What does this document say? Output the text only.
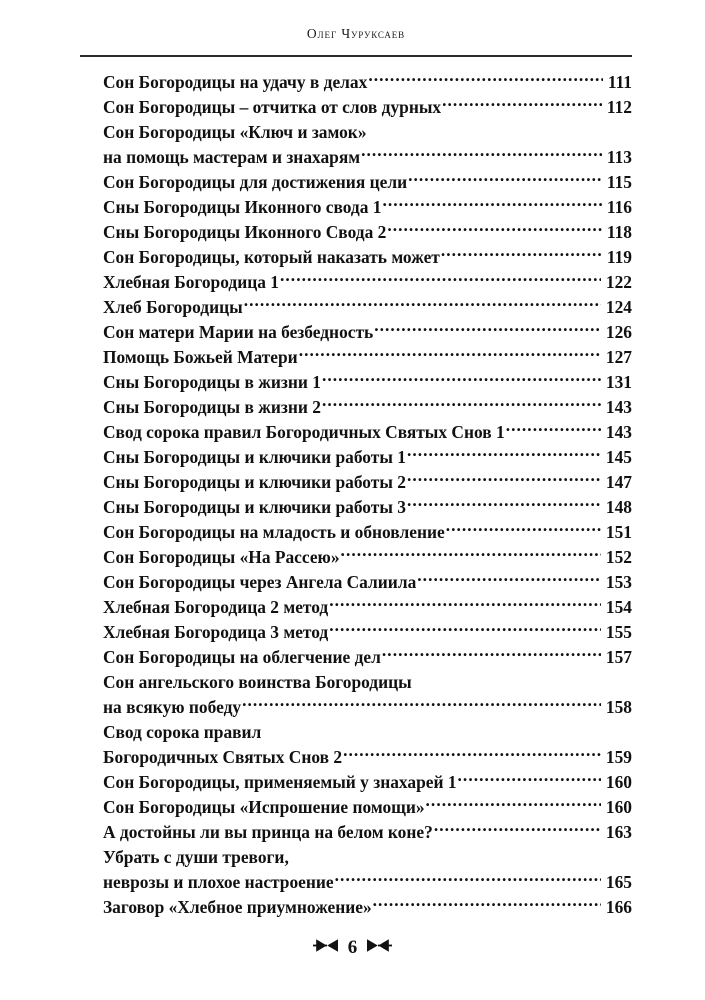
Олег Чуруксаев
Сон Богородицы на удачу в делах .....	111
Сон Богородицы – отчитка от слов дурных .....	112
Сон Богородицы «Ключ и замок»
на помощь мастерам и знахарям .....	113
Сон Богородицы для достижения цели .....	115
Сны Богородицы Иконного свода 1 .....	116
Сны Богородицы Иконного Свода 2 .....	118
Сон Богородицы, который наказать может .....	119
Хлебная Богородица 1 .....	122
Хлеб Богородицы .....	124
Сон матери Марии на безбедность .....	126
Помощь Божьей Матери .....	127
Сны Богородицы в жизни 1 .....	131
Сны Богородицы в жизни 2 .....	143
Свод сорока правил Богородичных Святых Снов 1 .....	143
Сны Богородицы и ключики работы 1 .....	145
Сны Богородицы и ключики работы 2 .....	147
Сны Богородицы и ключики работы 3 .....	148
Сон Богородицы на младость и обновление .....	151
Сон Богородицы «На Рассею» .....	152
Сон Богородицы через Ангела Салиила .....	153
Хлебная Богородица 2 метод .....	154
Хлебная Богородица 3 метод .....	155
Сон Богородицы на облегчение дел .....	157
Сон ангельского воинства Богородицы
на всякую победу .....	158
Свод сорока правил
Богородичных Святых Снов 2 .....	159
Сон Богородицы, применяемый у знахарей 1 .....	160
Сон Богородицы «Испрошение помощи» .....	160
А достойны ли вы принца на белом коне? .....	163
Убрать с души тревоги,
неврозы и плохое настроение .....	165
Заговор «Хлебное приумножение» .....	166
6
